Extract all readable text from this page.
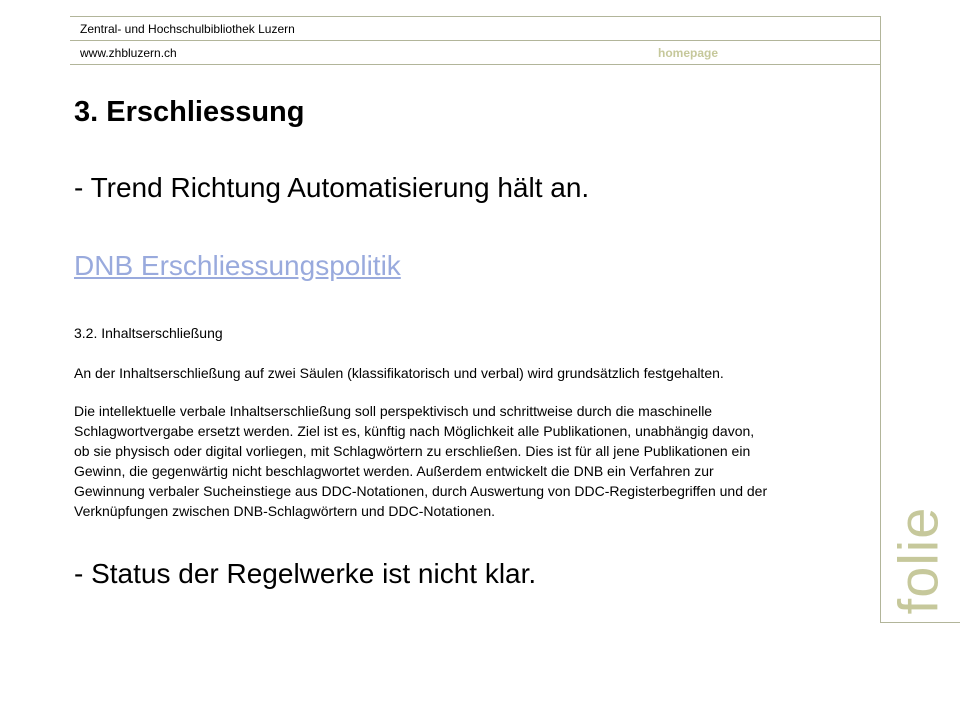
Zentral- und Hochschulbibliothek Luzern
www.zhbluzern.ch	homepage
folie
3. Erschliessung
- Trend Richtung Automatisierung hält an.
DNB Erschliessungspolitik
3.2. Inhaltserschließung
An der Inhaltserschließung auf zwei Säulen (klassifikatorisch und verbal) wird grundsätzlich festgehalten.
Die intellektuelle verbale Inhaltserschließung soll perspektivisch und schrittweise durch die maschinelle
Schlagwortvergabe ersetzt werden. Ziel ist es, künftig nach Möglichkeit alle Publikationen, unabhängig davon,
ob sie physisch oder digital vorliegen, mit Schlagwörtern zu erschließen. Dies ist für all jene Publikationen ein
Gewinn, die gegenwärtig nicht beschlagwortet werden. Außerdem entwickelt die DNB ein Verfahren zur
Gewinnung verbaler Sucheinstiege aus DDC-Notationen, durch Auswertung von DDC-Registerbegriffen und der
Verknüpfungen zwischen DNB-Schlagwörtern und DDC-Notationen.
- Status der Regelwerke ist nicht klar.
